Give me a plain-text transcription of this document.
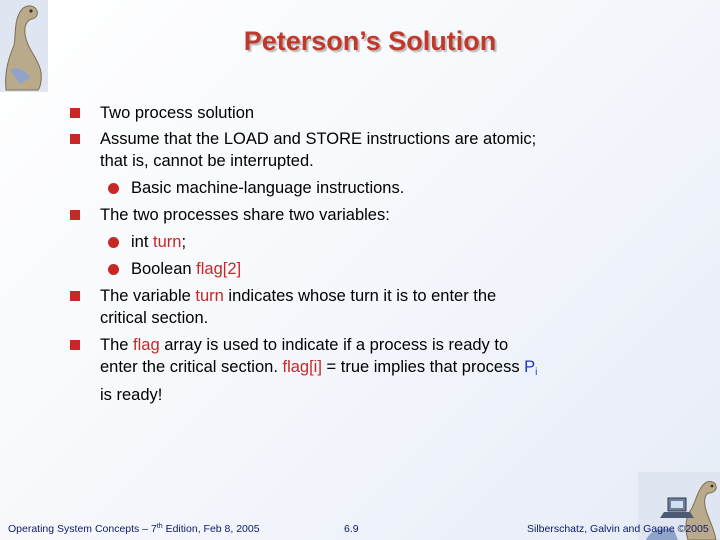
Peterson’s Solution
Two process solution
Assume that the LOAD and STORE instructions are atomic;
that is, cannot be interrupted.
Basic machine-language instructions.
The two processes share two variables:
int turn;
Boolean flag[2]
The variable turn indicates whose turn it is to enter the
critical section.
The flag array is used to indicate if a process is ready to
enter the critical section. flag[i] = true implies that process $P_i$
is ready!
Operating System Concepts – 7th Edition, Feb 8, 2005	6.9	Silberschatz, Galvin and Gagne ©2005
